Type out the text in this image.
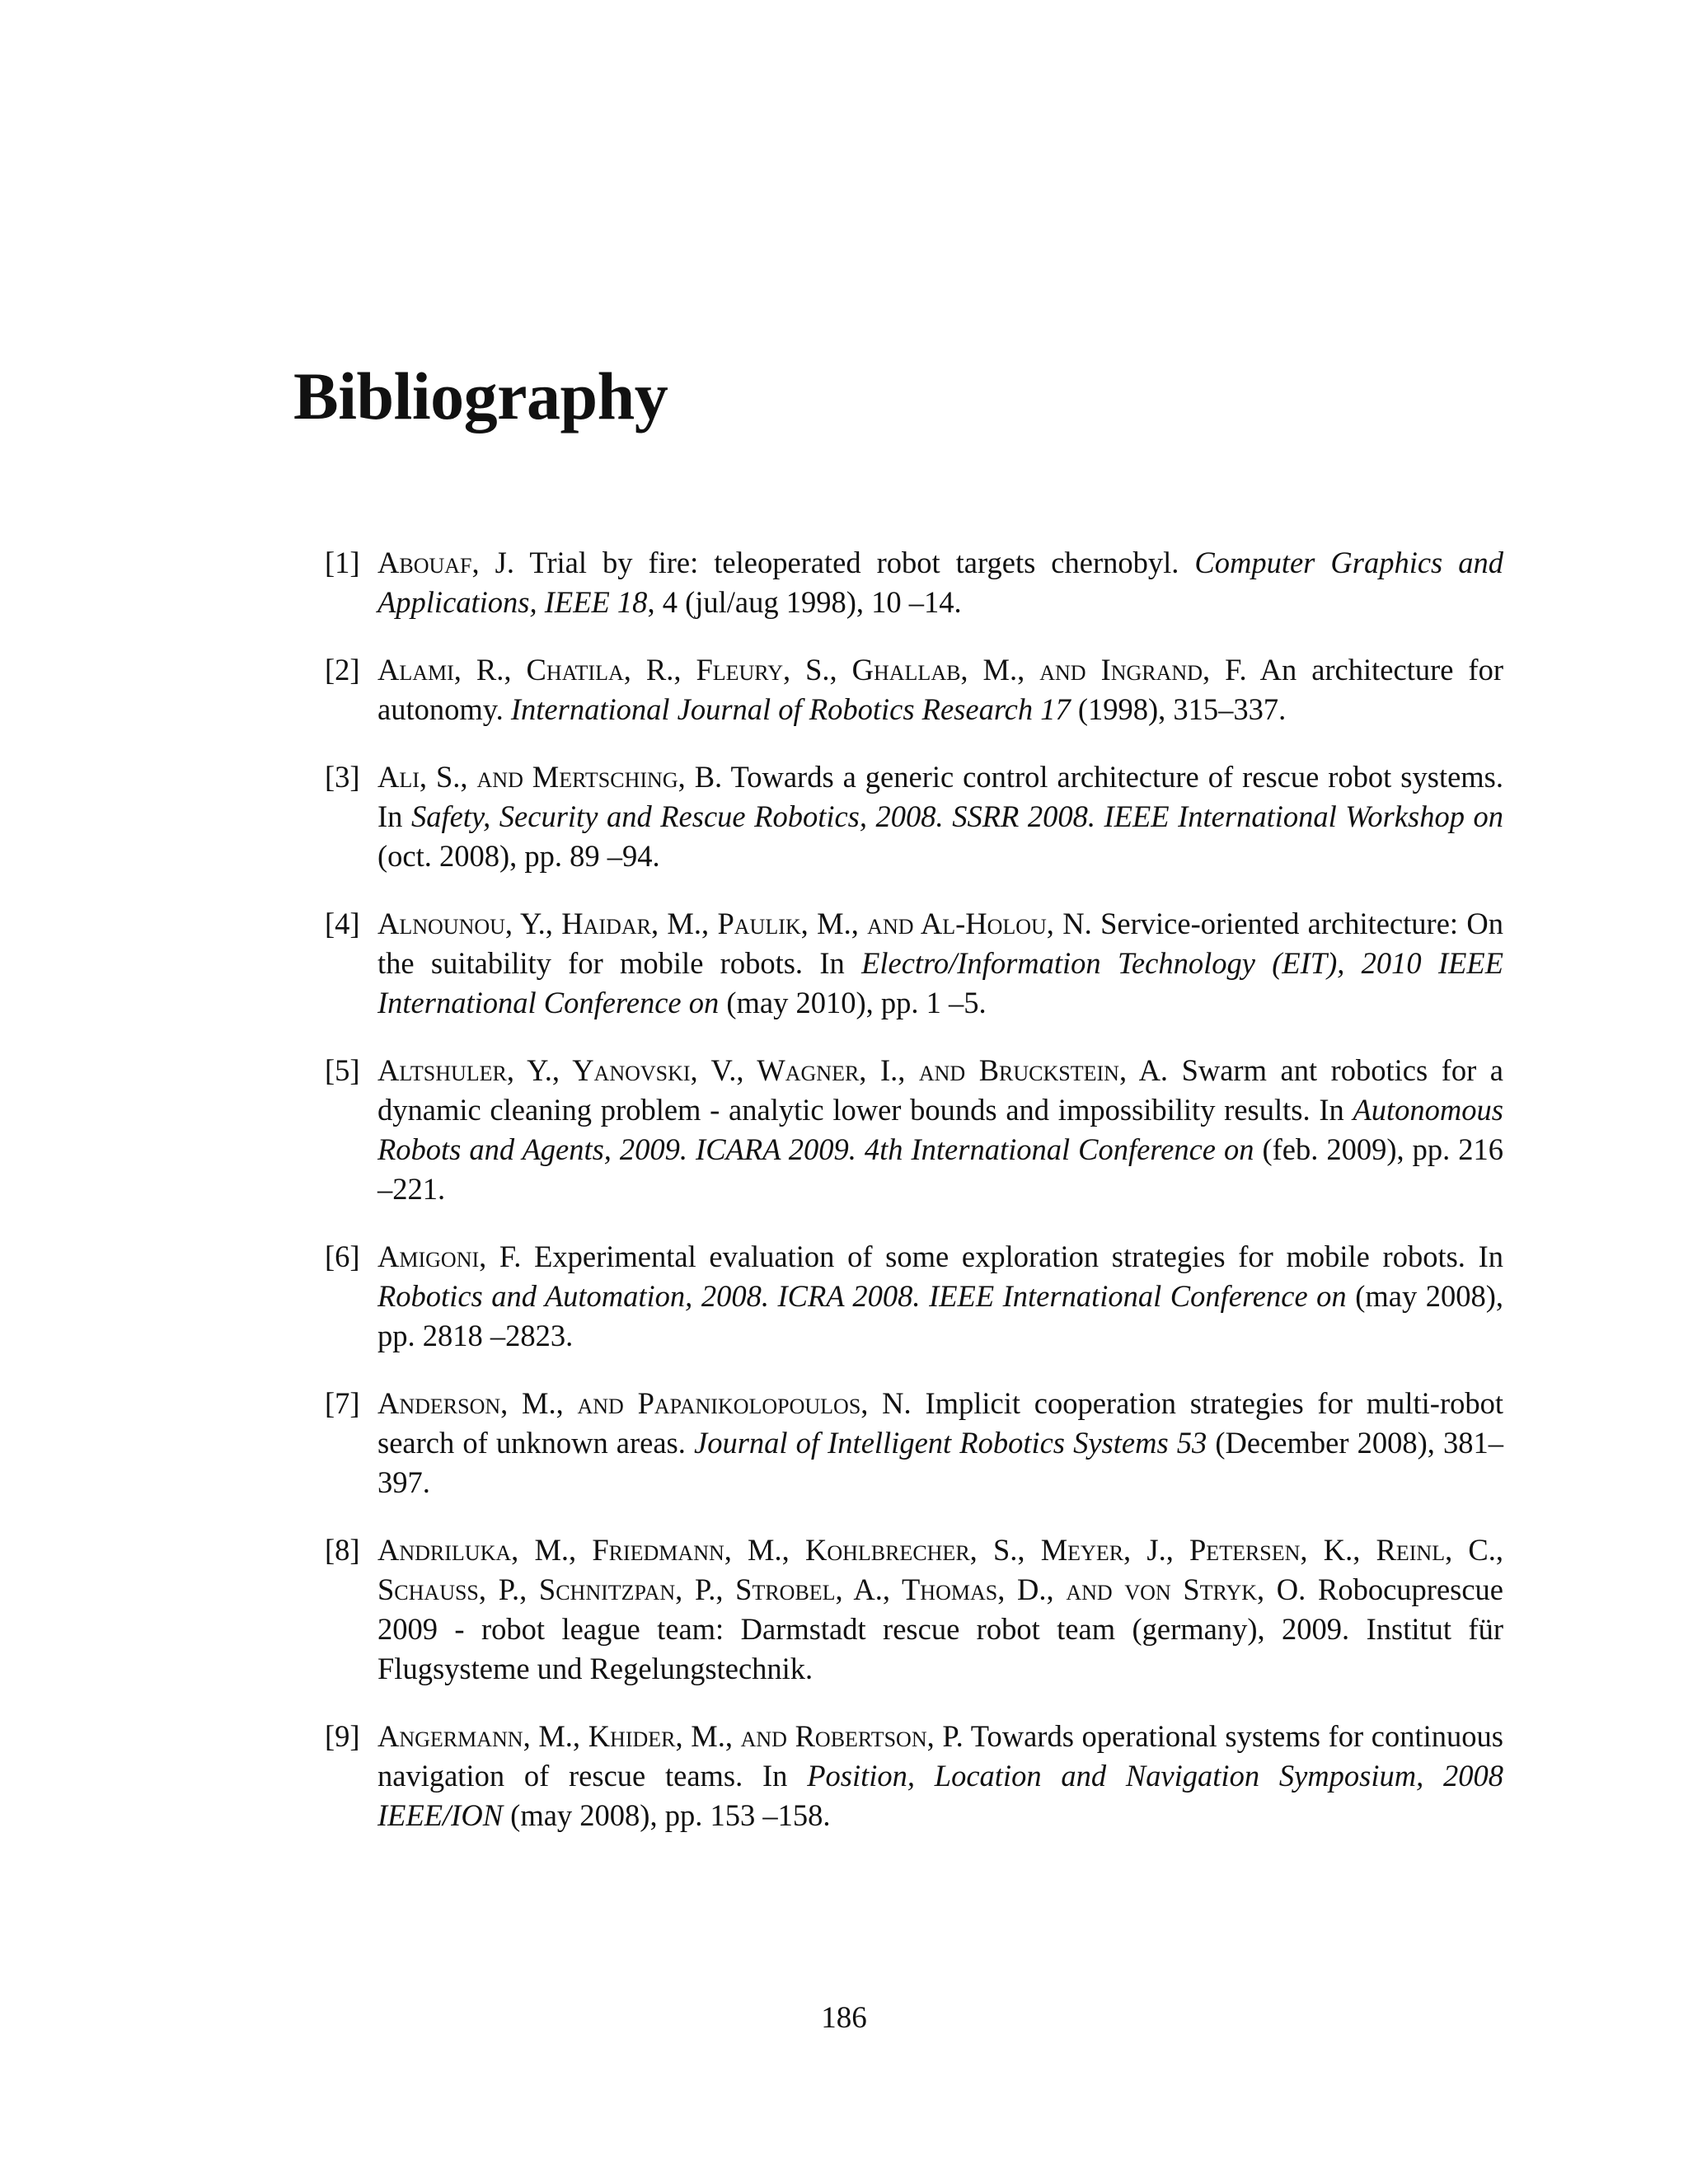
Bibliography
[1] Abouaf, J. Trial by fire: teleoperated robot targets chernobyl. Computer Graphics and Applications, IEEE 18, 4 (jul/aug 1998), 10 –14.
[2] Alami, R., Chatila, R., Fleury, S., Ghallab, M., and Ingrand, F. An architecture for autonomy. International Journal of Robotics Research 17 (1998), 315–337.
[3] Ali, S., and Mertsching, B. Towards a generic control architecture of rescue robot systems. In Safety, Security and Rescue Robotics, 2008. SSRR 2008. IEEE International Workshop on (oct. 2008), pp. 89 –94.
[4] Alnounou, Y., Haidar, M., Paulik, M., and Al-Holou, N. Service-oriented architecture: On the suitability for mobile robots. In Electro/Information Technology (EIT), 2010 IEEE International Conference on (may 2010), pp. 1 –5.
[5] Altshuler, Y., Yanovski, V., Wagner, I., and Bruckstein, A. Swarm ant robotics for a dynamic cleaning problem - analytic lower bounds and impossibility results. In Autonomous Robots and Agents, 2009. ICARA 2009. 4th International Conference on (feb. 2009), pp. 216 –221.
[6] Amigoni, F. Experimental evaluation of some exploration strategies for mobile robots. In Robotics and Automation, 2008. ICRA 2008. IEEE International Conference on (may 2008), pp. 2818 –2823.
[7] Anderson, M., and Papanikolopoulos, N. Implicit cooperation strategies for multi-robot search of unknown areas. Journal of Intelligent Robotics Systems 53 (December 2008), 381–397.
[8] Andriluka, M., Friedmann, M., Kohlbrecher, S., Meyer, J., Petersen, K., Reinl, C., Schauss, P., Schnitzpan, P., Strobel, A., Thomas, D., and von Stryk, O. Robocuprescue 2009 - robot league team: Darmstadt rescue robot team (germany), 2009. Institut für Flugsysteme und Regelungstechnik.
[9] Angermann, M., Khider, M., and Robertson, P. Towards operational systems for continuous navigation of rescue teams. In Position, Location and Navigation Symposium, 2008 IEEE/ION (may 2008), pp. 153 –158.
186
